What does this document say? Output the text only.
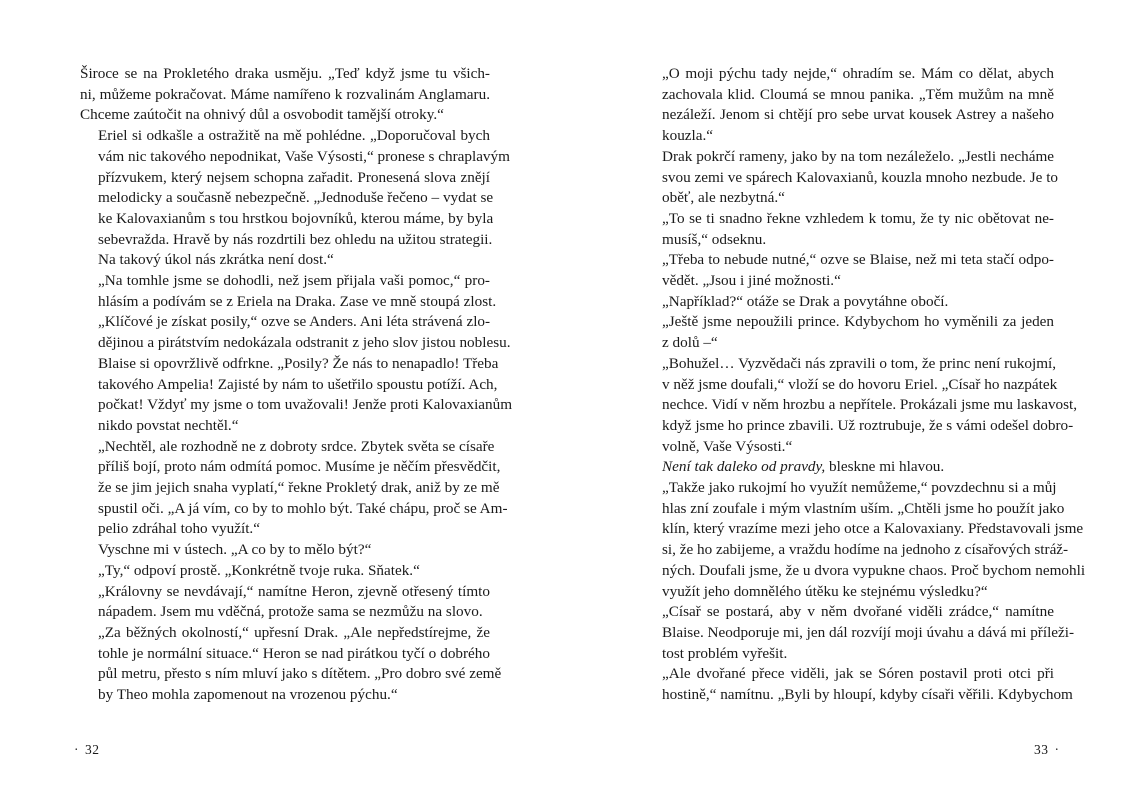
Široce se na Prokletého draka usměju. „Teď když jsme tu všich-
ni, můžeme pokračovat. Máme namířeno k rozvalinám Anglamaru.
Chceme zaútočit na ohnivý důl a osvobodit tamější otroky.“

Eriel si odkašle a ostražitě na mě pohlédne. „Doporučoval bych
vám nic takového nepodnikat, Vaše Výsosti,“ pronese s chraplavým
přízvukem, který nejsem schopna zařadit. Pronesená slova znějí
melodicky a současně nebezpečně. „Jednoduše řečeno – vydat se
ke Kalovaxianům s tou hrstkou bojovníků, kterou máme, by byla
sebevražda. Hravě by nás rozdrtili bez ohledu na užitou strategii.
Na takový úkol nás zkrátka není dost.“

„Na tomhle jsme se dohodli, než jsem přijala vaši pomoc,“ pro-
hlásím a podívám se z Eriela na Draka. Zase ve mně stoupá zlost.

„Klíčové je získat posily,“ ozve se Anders. Ani léta strávená zlo-
dějinou a pirátstvím nedokázala odstranit z jeho slov jistou noblesu.

Blaise si opovržlivě odfrkne. „Posily? Že nás to nenapadlo! Třeba
takového Ampelia! Zajisté by nám to ušetřilo spoustu potíží. Ach,
počkat! Vždyť my jsme o tom uvažovali! Jenže proti Kalovaxianům
nikdo povstat nechtěl.“

„Nechtěl, ale rozhodně ne z dobroty srdce. Zbytek světa se císaře
příliš bojí, proto nám odmítá pomoc. Musíme je něčím přesvědčit,
že se jim jejich snaha vyplatí,“ řekne Prokletý drak, aniž by ze mě
spustil oči. „A já vím, co by to mohlo být. Také chápu, proč se Am-
pelio zdráhal toho využít.“

Vyschne mi v ústech. „A co by to mělo být?“

„Ty,“ odpoví prostě. „Konkrétně tvoje ruka. Sňatek.“

„Královny se nevdávají,“ namítne Heron, zjevně otřesený tímto
nápadem. Jsem mu vděčná, protože sama se nezmůžu na slovo.

„Za běžných okolností,“ upřesní Drak. „Ale nepředstírejme, že
tohle je normální situace.“ Heron se nad pirátkou tyčí o dobrého
půl metru, přesto s ním mluví jako s dítětem. „Pro dobro své země
by Theo mohla zapomenout na vrozenou pýchu.“

· 32

„O moji pýchu tady nejde,“ ohradím se. Mám co dělat, abych
zachovala klid. Cloumá se mnou panika. „Těm mužům na mně
nezáleží. Jenom si chtějí pro sebe urvat kousek Astrey a našeho
kouzla.“

Drak pokrčí rameny, jako by na tom nezáleželo. „Jestli necháme
svou zemi ve spárech Kalovaxianů, kouzla mnoho nezbude. Je to
oběť, ale nezbytná.“

„To se ti snadno řekne vzhledem k tomu, že ty nic obětovat ne-
musíš,“ odseknu.

„Třeba to nebude nutné,“ ozve se Blaise, než mi teta stačí odpo-
vědět. „Jsou i jiné možnosti.“

„Například?“ otáže se Drak a povytáhne obočí.

„Ještě jsme nepoužili prince. Kdybychom ho vyměnili za jeden
z dolů –“

„Bohužel… Vyzvědači nás zpravili o tom, že princ není rukojmí,
v něž jsme doufali,“ vloží se do hovoru Eriel. „Císař ho nazpátek
nechce. Vidí v něm hrozbu a nepřítele. Prokázali jsme mu laskavost,
když jsme ho prince zbavili. Už roztrubuje, že s vámi odešel dobro-
volně, Vaše Výsosti.“

Není tak daleko od pravdy, bleskne mi hlavou.

„Takže jako rukojmí ho využít nemůžeme,“ povzdechnu si a můj
hlas zní zoufale i mým vlastním uším. „Chtěli jsme ho použít jako
klín, který vrazíme mezi jeho otce a Kalovaxiany. Představovali jsme
si, že ho zabijeme, a vraždu hodíme na jednoho z císařových stráž-
ných. Doufali jsme, že u dvora vypukne chaos. Proč bychom nemohli
využít jeho domnělého útěku ke stejnému výsledku?“

„Císař se postará, aby v něm dvořané viděli zrádce,“ namítne
Blaise. Neodporuje mi, jen dál rozvíjí moji úvahu a dává mi příleži-
tost problém vyřešit.

„Ale dvořané přece viděli, jak se Sóren postavil proti otci při
hostině,“ namítnu. „Byli by hloupí, kdyby císaři věřili. Kdybychom

33 ·
